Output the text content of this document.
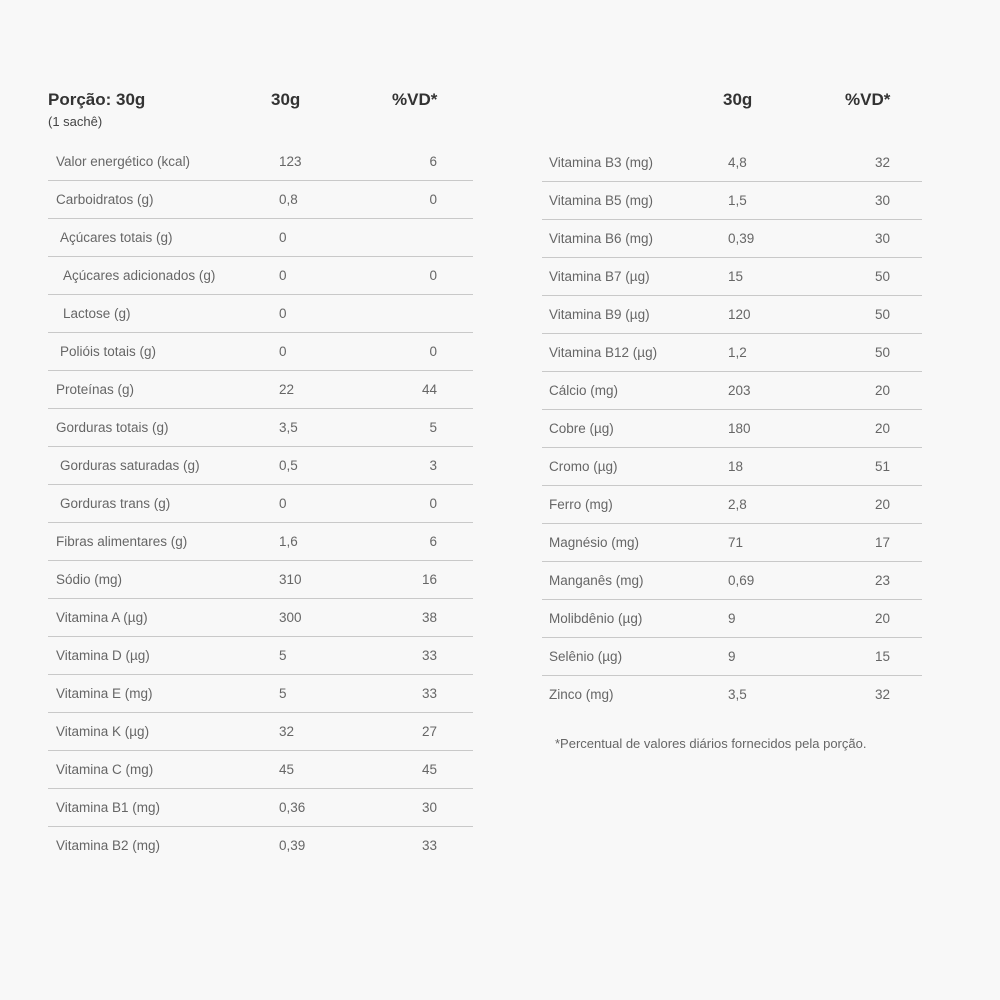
Porção: 30g
(1 sachê)
30g	%VD*	30g	%VD*
Valor energético (kcal)	123	6
Carboidratos (g)	0,8	0
Açúcares totais (g)	0
Açúcares adicionados (g)	0	0
Lactose (g)	0
Polióis totais (g)	0	0
Proteínas (g)	22	44
Gorduras totais (g)	3,5	5
Gorduras saturadas (g)	0,5	3
Gorduras trans (g)	0	0
Fibras alimentares (g)	1,6	6
Sódio (mg)	310	16
Vitamina A (µg)	300	38
Vitamina D (µg)	5	33
Vitamina E (mg)	5	33
Vitamina K (µg)	32	27
Vitamina C (mg)	45	45
Vitamina B1 (mg)	0,36	30
Vitamina B2 (mg)	0,39	33
Vitamina B3 (mg)	4,8	32
Vitamina B5 (mg)	1,5	30
Vitamina B6 (mg)	0,39	30
Vitamina B7 (µg)	15	50
Vitamina B9 (µg)	120	50
Vitamina B12 (µg)	1,2	50
Cálcio (mg)	203	20
Cobre (µg)	180	20
Cromo (µg)	18	51
Ferro (mg)	2,8	20
Magnésio (mg)	71	17
Manganês (mg)	0,69	23
Molibdênio (µg)	9	20
Selênio (µg)	9	15
Zinco (mg)	3,5	32
*Percentual de valores diários fornecidos pela porção.
